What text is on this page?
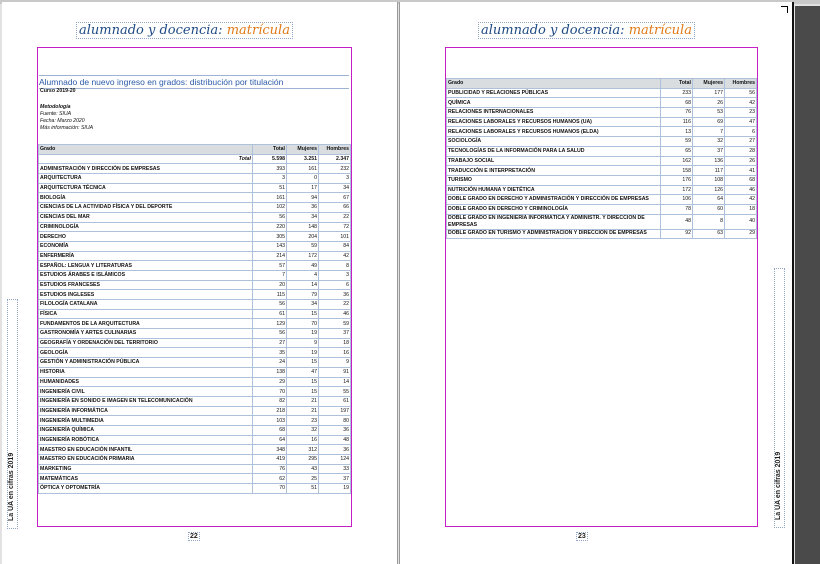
alumnado y docencia: matrícula
Alumnado de nuevo ingreso en grados: distribución por titulación
Curso 2019-20
Metodología
Fuente: SIUA
Fecha: Marzo 2020
Más información: SIUA
Grado	Total	Mujeres	Hombres
Total	5.598	3.251	2.347
ADMINISTRACIÓN Y DIRECCIÓN DE EMPRESAS	393	161	232
ARQUITECTURA	3	0	3
ARQUITECTURA TÉCNICA	51	17	34
BIOLOGÍA	161	94	67
CIENCIAS DE LA ACTIVIDAD FÍSICA Y DEL DEPORTE	102	36	66
CIENCIAS DEL MAR	56	34	22
CRIMINOLOGÍA	220	148	72
DERECHO	305	204	101
ECONOMÍA	143	59	84
ENFERMERÍA	214	172	42
ESPAÑOL: LENGUA Y LITERATURAS	57	49	8
ESTUDIOS ÁRABES E ISLÁMICOS	7	4	3
ESTUDIOS FRANCESES	20	14	6
ESTUDIOS INGLESES	115	79	36
FILOLOGÍA CATALANA	56	34	22
FÍSICA	61	15	46
FUNDAMENTOS DE LA ARQUITECTURA	129	70	59
GASTRONOMÍA Y ARTES CULINARIAS	56	19	37
GEOGRAFÍA Y ORDENACIÓN DEL TERRITORIO	27	9	18
GEOLOGÍA	35	19	16
GESTIÓN Y ADMINISTRACIÓN PÚBLICA	24	15	9
HISTORIA	138	47	91
HUMANIDADES	29	15	14
INGENIERÍA CIVIL	70	15	55
INGENIERÍA EN SONIDO E IMAGEN EN TELECOMUNICACIÓN	82	21	61
INGENIERÍA INFORMÁTICA	218	21	197
INGENIERÍA MULTIMEDIA	103	23	80
INGENIERÍA QUÍMICA	68	32	36
INGENIERÍA ROBÓTICA	64	16	48
MAESTRO EN EDUCACIÓN INFANTIL	348	312	36
MAESTRO EN EDUCACIÓN PRIMARIA	419	295	124
MARKETING	76	43	33
MATEMÁTICAS	62	25	37
ÓPTICA Y OPTOMETRÍA	70	51	19
22
La UA en cifras 2019
alumnado y docencia: matrícula
Grado	Total	Mujeres	Hombres
PUBLICIDAD Y RELACIONES PÚBLICAS	233	177	56
QUÍMICA	68	26	42
RELACIONES INTERNACIONALES	76	53	23
RELACIONES LABORALES Y RECURSOS HUMANOS (UA)	116	69	47
RELACIONES LABORALES Y RECURSOS HUMANOS (ELDA)	13	7	6
SOCIOLOGÍA	59	32	27
TECNOLOGÍAS DE LA INFORMACIÓN PARA LA SALUD	65	37	28
TRABAJO SOCIAL	162	136	26
TRADUCCIÓN E INTERPRETACIÓN	158	117	41
TURISMO	176	108	68
NUTRICIÓN HUMANA Y DIETÉTICA	172	126	46
DOBLE GRADO EN DERECHO Y ADMINISTRACIÓN Y DIRECCIÓN DE EMPRESAS	106	64	42
DOBLE GRADO EN DERECHO Y CRIMINOLOGÍA	78	60	18
DOBLE GRADO EN INGENIERÍA INFORMÁTICA Y ADMINISTR. Y DIRECCIÓN DE EMPRESAS	48	8	40
DOBLE GRADO EN TURISMO Y ADMINISTRACIÓN Y DIRECCIÓN DE EMPRESAS	92	63	29
23
La UA en cifras 2019
